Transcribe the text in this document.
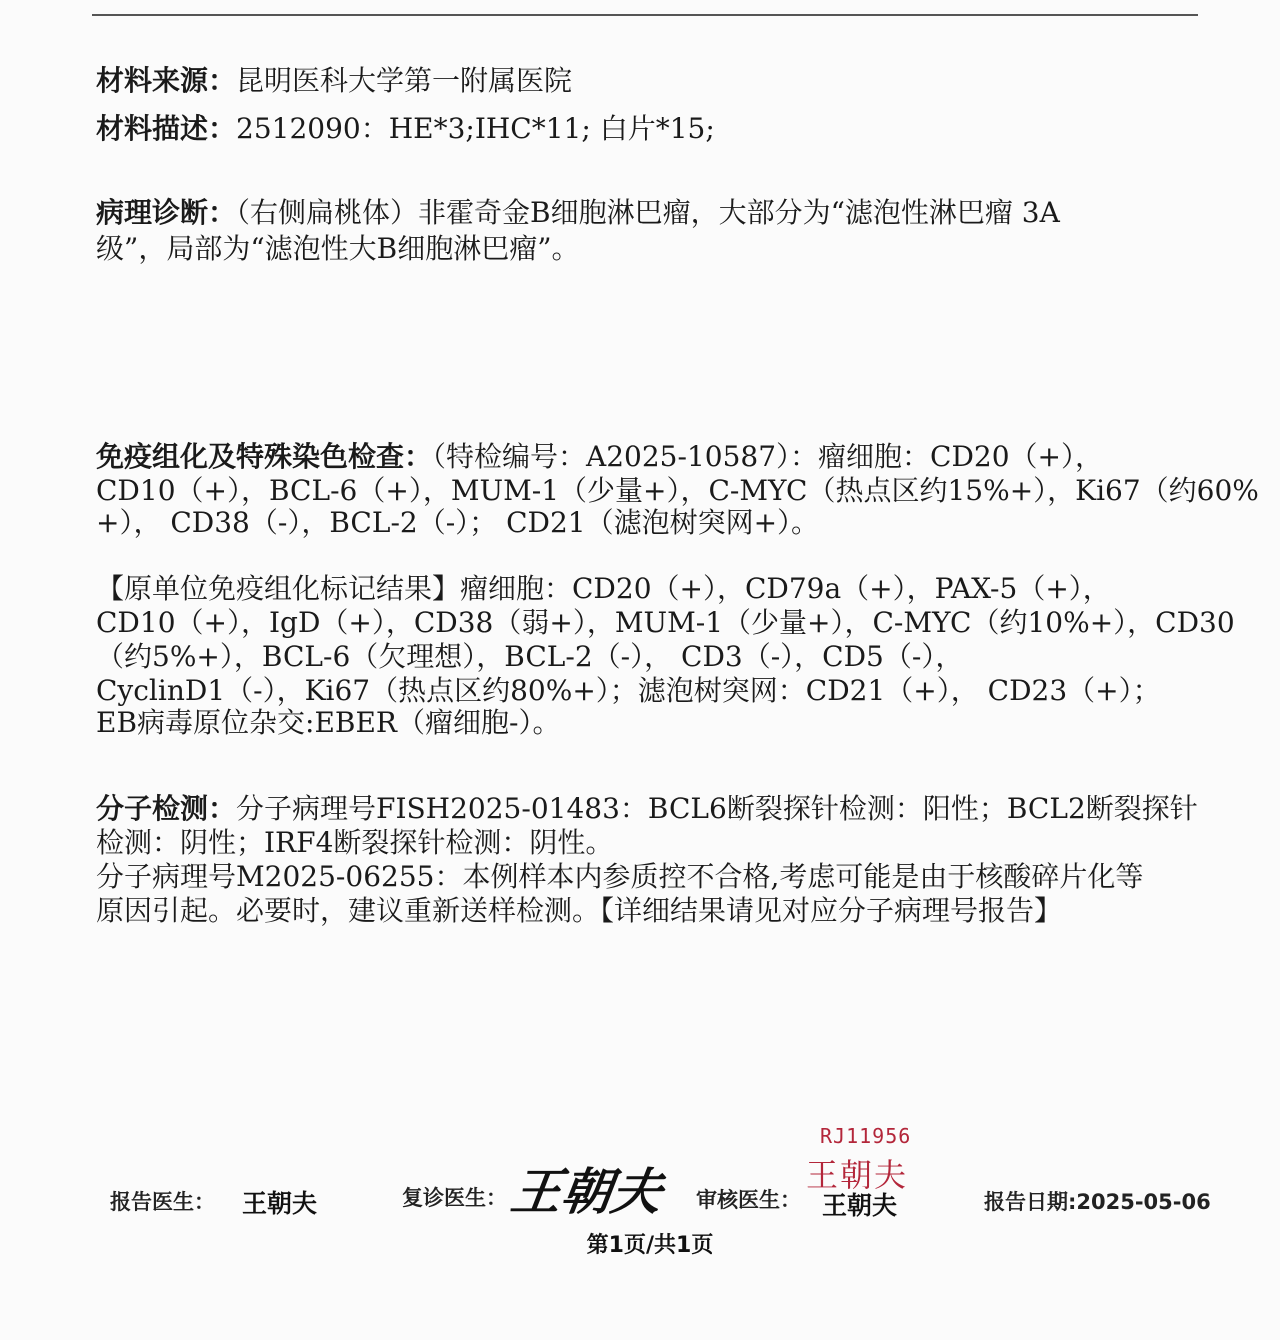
材料来源：昆明医科大学第一附属医院
材料描述：2512090：HE*3;IHC*11; 白片*15;
病理诊断：（右侧扁桃体）非霍奇金B细胞淋巴瘤，大部分为“滤泡性淋巴瘤 3A
级”，局部为“滤泡性大B细胞淋巴瘤”。
免疫组化及特殊染色检查：（特检编号：A2025-10587）：瘤细胞：CD20（+），
CD10（+），BCL-6（+），MUM-1（少量+），C-MYC（热点区约15%+），Ki67（约60%
+）， CD38（-），BCL-2（-）； CD21（滤泡树突网+）。
【原单位免疫组化标记结果】瘤细胞：CD20（+），CD79a（+），PAX-5（+），
CD10（+），IgD（+），CD38（弱+），MUM-1（少量+），C-MYC（约10%+），CD30
（约5%+），BCL-6（欠理想），BCL-2（-）， CD3（-），CD5（-），
CyclinD1（-），Ki67（热点区约80%+）；滤泡树突网：CD21（+）， CD23（+）；
EB病毒原位杂交:EBER（瘤细胞-）。
分子检测：分子病理号FISH2025-01483：BCL6断裂探针检测：阳性；BCL2断裂探针
检测：阴性；IRF4断裂探针检测：阴性。
分子病理号M2025-06255：本例样本内参质控不合格,考虑可能是由于核酸碎片化等
原因引起。必要时，建议重新送样检测。【详细结果请见对应分子病理号报告】
报告医生： 王朝夫	复诊医生： 王朝夫 审核医生：
RJ11956
王朝夫
王朝夫	报告日期:2025-05-06
第1页/共1页
